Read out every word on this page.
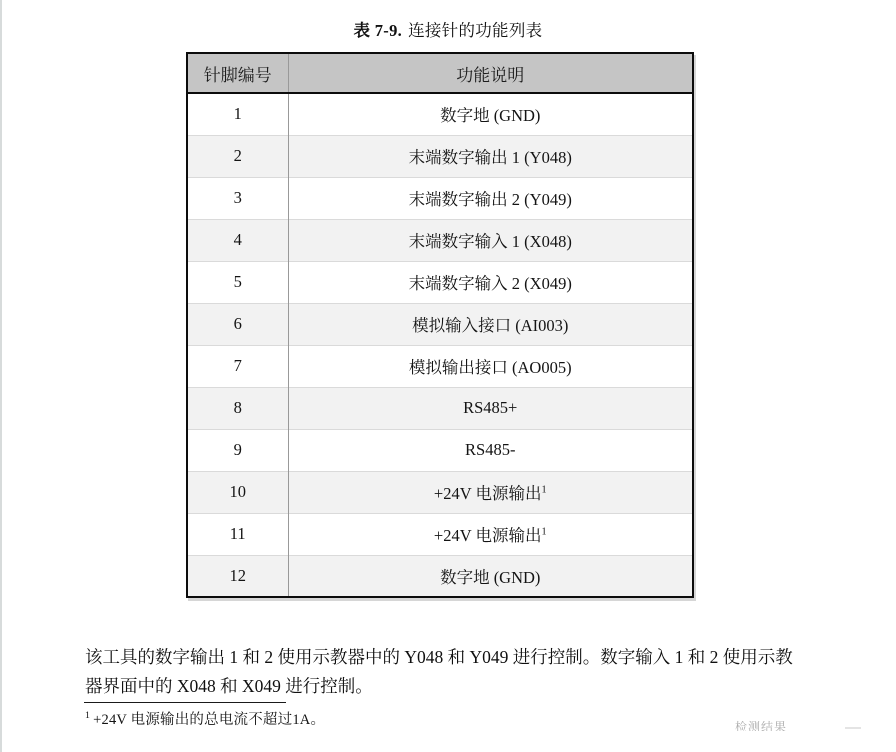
表 7-9. 连接针的功能列表
针脚编号	功能说明
1	数字地 (GND)
2	末端数字输出 1 (Y048)
3	末端数字输出 2 (Y049)
4	末端数字输入 1 (X048)
5	末端数字输入 2 (X049)
6	模拟输入接口 (AI003)
7	模拟输出接口 (AO005)
8	RS485+
9	RS485-
10	+24V 电源输出$^1$
11	+24V 电源输出$^1$
12	数字地 (GND)
该工具的数字输出 1 和 2 使用示教器中的 Y048 和 Y049 进行控制。数字输入 1 和 2 使用示教
器界面中的 X048 和 X049 进行控制。
$^1$ +24V 电源输出的总电流不超过1A。	检测结果
